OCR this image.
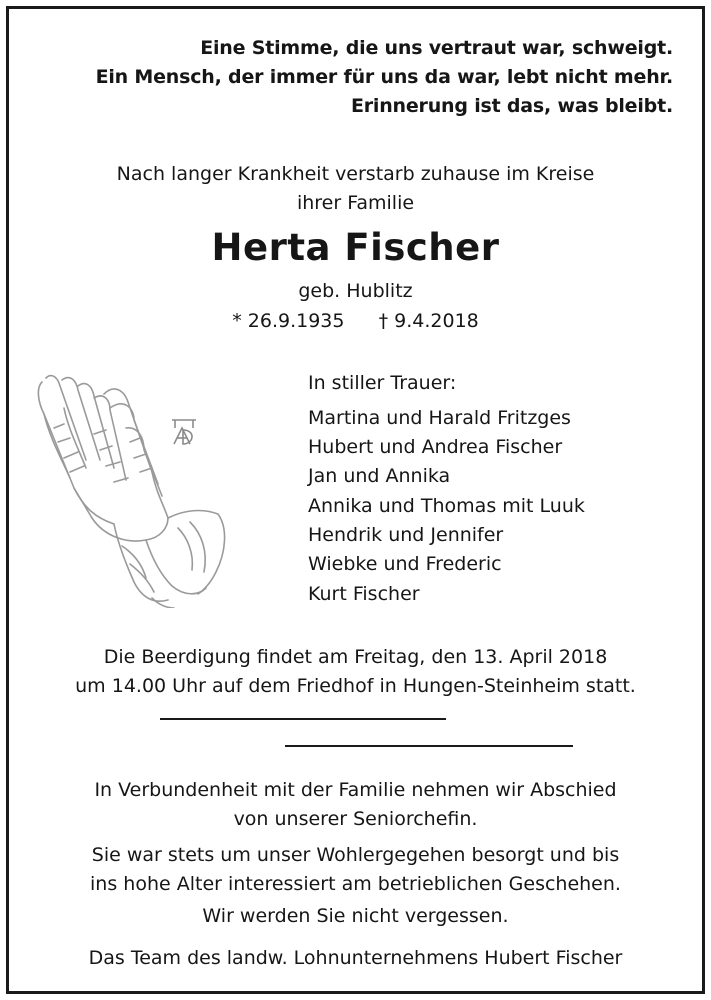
Eine Stimme, die uns vertraut war, schweigt.
Ein Mensch, der immer für uns da war, lebt nicht mehr.
Erinnerung ist das, was bleibt.
Nach langer Krankheit verstarb zuhause im Kreise
ihrer Familie
Herta Fischer
geb. Hublitz
* 26.9.1935 † 9.4.2018
In stiller Trauer:
Martina und Harald Fritzges
Hubert und Andrea Fischer
Jan und Annika
Annika und Thomas mit Luuk
Hendrik und Jennifer
Wiebke und Frederic
Kurt Fischer
Die Beerdigung findet am Freitag, den 13. April 2018
um 14.00 Uhr auf dem Friedhof in Hungen-Steinheim statt.
In Verbundenheit mit der Familie nehmen wir Abschied
von unserer Seniorchefin.
Sie war stets um unser Wohlergegehen besorgt und bis
ins hohe Alter interessiert am betrieblichen Geschehen.
Wir werden Sie nicht vergessen.
Das Team des landw. Lohnunternehmens Hubert Fischer
